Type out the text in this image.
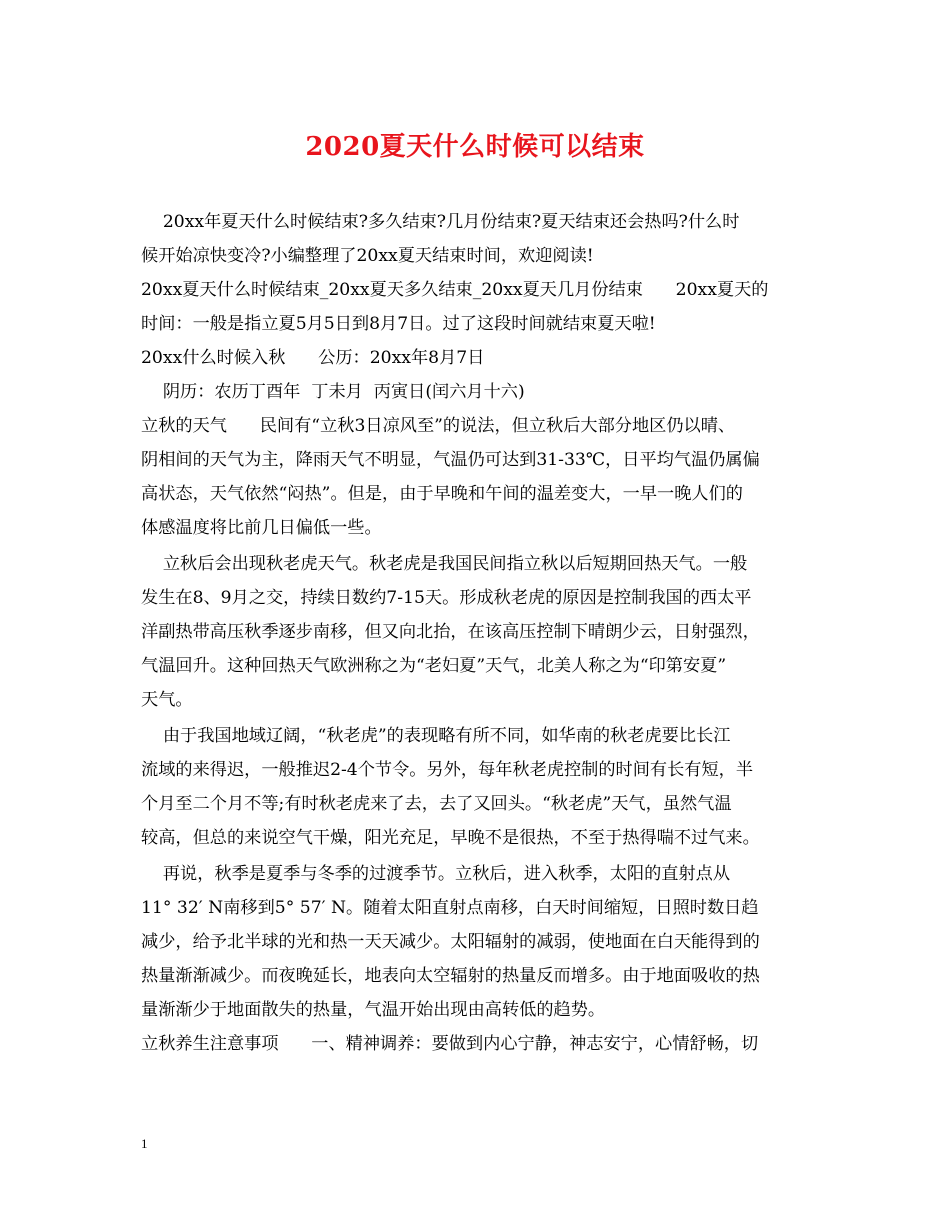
2020夏天什么时候可以结束
20xx年夏天什么时候结束?多久结束?几月份结束?夏天结束还会热吗?什么时
候开始凉快变冷?小编整理了20xx夏天结束时间，欢迎阅读!
20xx夏天什么时候结束_20xx夏天多久结束_20xx夏天几月份结束      20xx夏天的
时间：一般是指立夏5月5日到8月7日。过了这段时间就结束夏天啦!
20xx什么时候入秋      公历：20xx年8月7日
阴历：农历丁酉年  丁未月  丙寅日(闰六月十六)
立秋的天气      民间有“立秋3日凉风至”的说法，但立秋后大部分地区仍以晴、
阴相间的天气为主，降雨天气不明显，气温仍可达到31-33℃，日平均气温仍属偏
高状态，天气依然“闷热”。但是，由于早晚和午间的温差变大，一早一晚人们的
体感温度将比前几日偏低一些。
立秋后会出现秋老虎天气。秋老虎是我国民间指立秋以后短期回热天气。一般
发生在8、9月之交，持续日数约7-15天。形成秋老虎的原因是控制我国的西太平
洋副热带高压秋季逐步南移，但又向北抬，在该高压控制下晴朗少云，日射强烈，
气温回升。这种回热天气欧洲称之为“老妇夏”天气，北美人称之为“印第安夏”
天气。
由于我国地域辽阔，“秋老虎”的表现略有所不同，如华南的秋老虎要比长江
流域的来得迟，一般推迟2-4个节令。另外，每年秋老虎控制的时间有长有短，半
个月至二个月不等;有时秋老虎来了去，去了又回头。“秋老虎”天气，虽然气温
较高，但总的来说空气干燥，阳光充足，早晚不是很热，不至于热得喘不过气来。
再说，秋季是夏季与冬季的过渡季节。立秋后，进入秋季，太阳的直射点从
11° 32′ N南移到5° 57′ N。随着太阳直射点南移，白天时间缩短，日照时数日趋
减少，给予北半球的光和热一天天减少。太阳辐射的减弱，使地面在白天能得到的
热量渐渐减少。而夜晚延长，地表向太空辐射的热量反而增多。由于地面吸收的热
量渐渐少于地面散失的热量，气温开始出现由高转低的趋势。
立秋养生注意事项      一、精神调养：要做到内心宁静，神志安宁，心情舒畅，切
1
